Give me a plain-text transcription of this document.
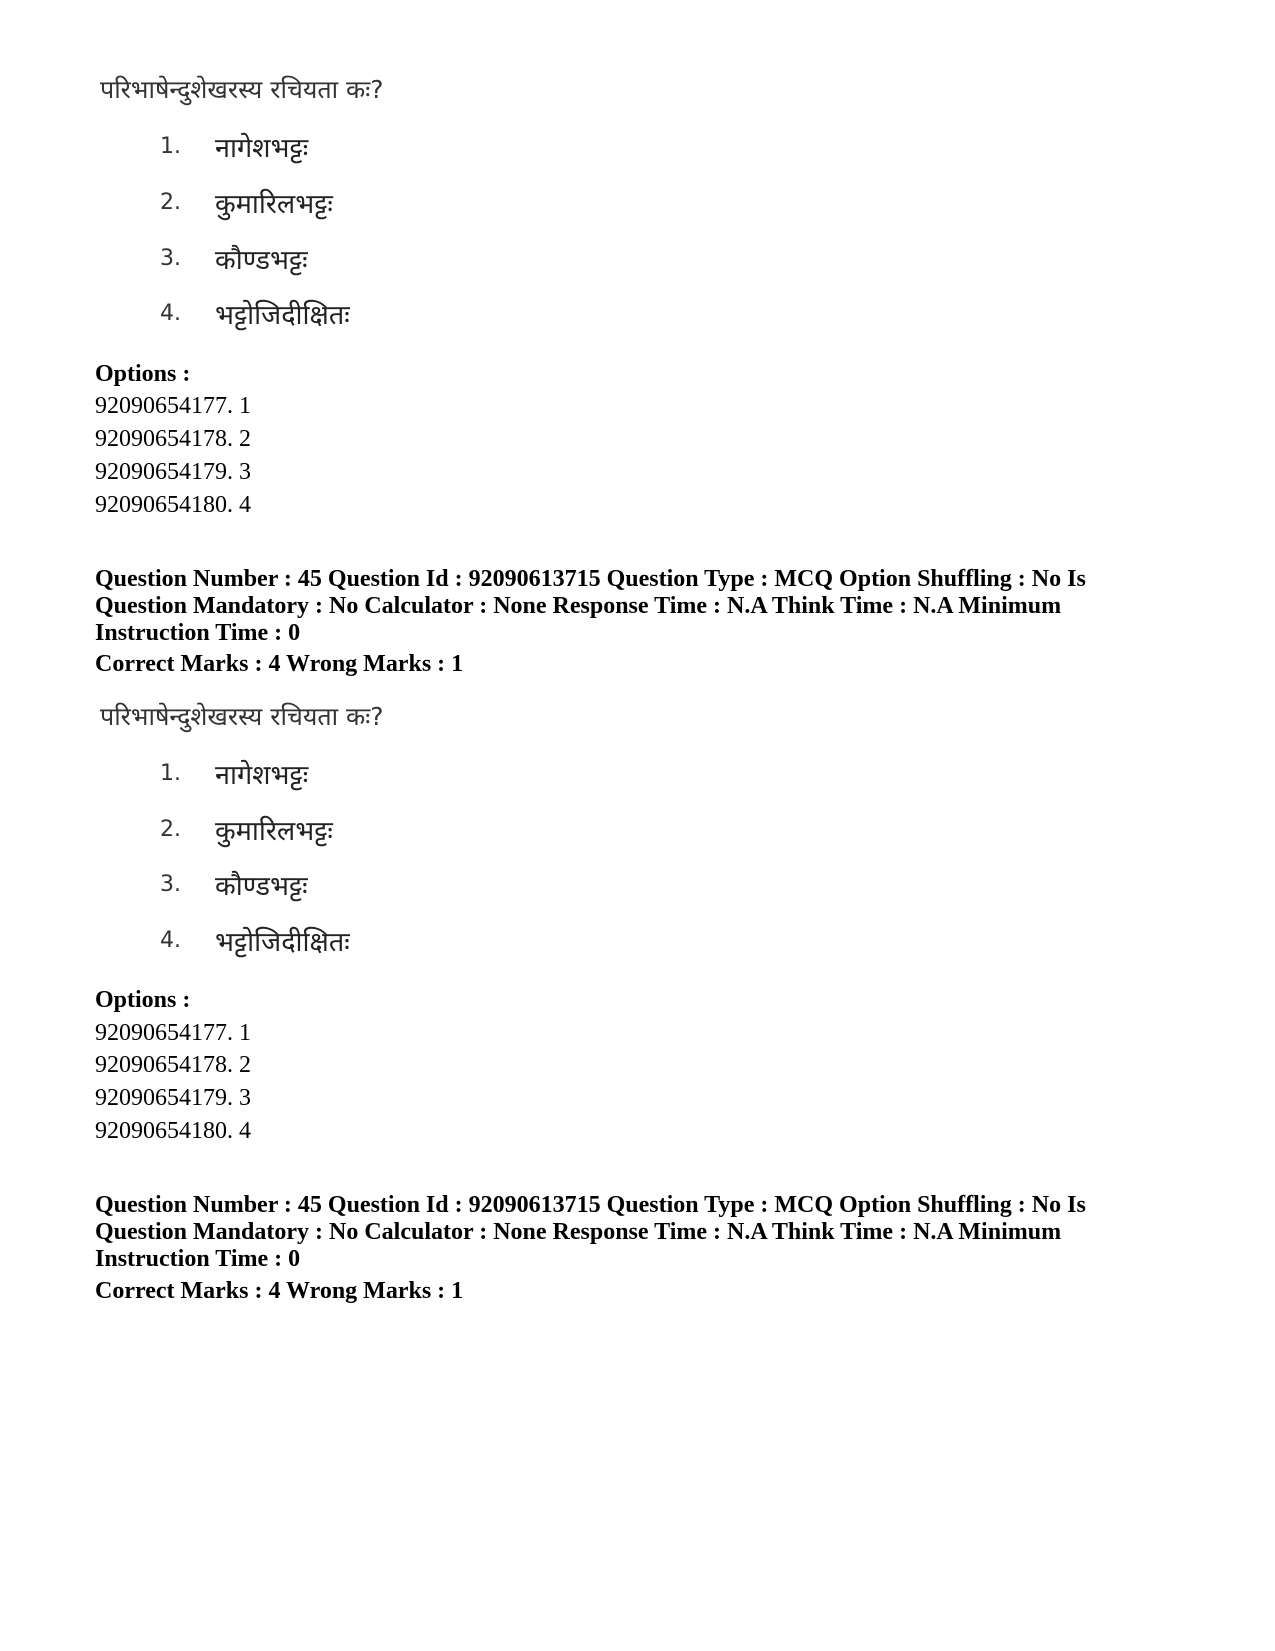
परिभाषेन्दुशेखरस्य रचियता कः?
1. नागेशभट्टः
2. कुमारिलभट्टः
3. कौण्डभट्टः
4. भट्टोजिदीक्षितः
Options :
92090654177. 1
92090654178. 2
92090654179. 3
92090654180. 4
Question Number : 45 Question Id : 92090613715 Question Type : MCQ Option Shuffling : No Is
Question Mandatory : No Calculator : None Response Time : N.A Think Time : N.A Minimum
Instruction Time : 0
Correct Marks : 4 Wrong Marks : 1
परिभाषेन्दुशेखरस्य रचियता कः?
1. नागेशभट्टः
2. कुमारिलभट्टः
3. कौण्डभट्टः
4. भट्टोजिदीक्षितः
Options :
92090654177. 1
92090654178. 2
92090654179. 3
92090654180. 4
Question Number : 45 Question Id : 92090613715 Question Type : MCQ Option Shuffling : No Is
Question Mandatory : No Calculator : None Response Time : N.A Think Time : N.A Minimum
Instruction Time : 0
Correct Marks : 4 Wrong Marks : 1
